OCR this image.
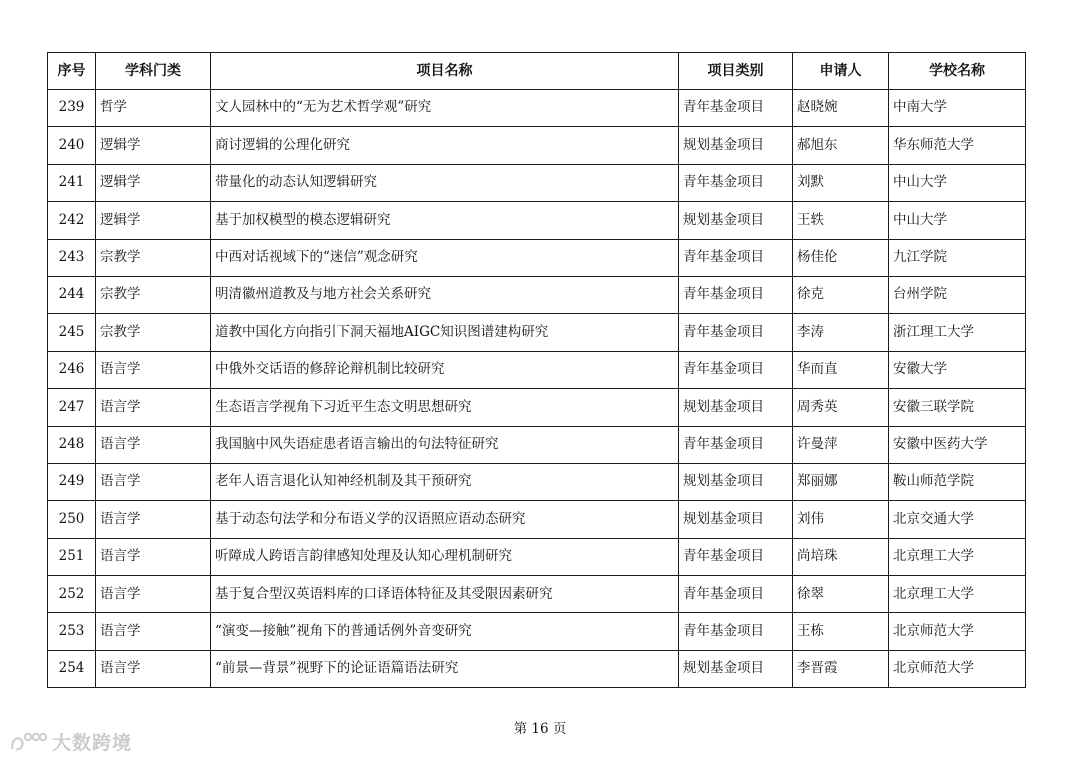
序号	学科门类	项目名称	项目类别	申请人	学校名称
239	哲学	文人园林中的“无为艺术哲学观”研究	青年基金项目	赵晓婉	中南大学
240	逻辑学	商讨逻辑的公理化研究	规划基金项目	郝旭东	华东师范大学
241	逻辑学	带量化的动态认知逻辑研究	青年基金项目	刘默	中山大学
242	逻辑学	基于加权模型的模态逻辑研究	规划基金项目	王轶	中山大学
243	宗教学	中西对话视域下的“迷信”观念研究	青年基金项目	杨佳伦	九江学院
244	宗教学	明清徽州道教及与地方社会关系研究	青年基金项目	徐克	台州学院
245	宗教学	道教中国化方向指引下洞天福地AIGC知识图谱建构研究	青年基金项目	李涛	浙江理工大学
246	语言学	中俄外交话语的修辞论辩机制比较研究	青年基金项目	华而直	安徽大学
247	语言学	生态语言学视角下习近平生态文明思想研究	规划基金项目	周秀英	安徽三联学院
248	语言学	我国脑中风失语症患者语言输出的句法特征研究	青年基金项目	许曼萍	安徽中医药大学
249	语言学	老年人语言退化认知神经机制及其干预研究	规划基金项目	郑丽娜	鞍山师范学院
250	语言学	基于动态句法学和分布语义学的汉语照应语动态研究	规划基金项目	刘伟	北京交通大学
251	语言学	听障成人跨语言韵律感知处理及认知心理机制研究	青年基金项目	尚培珠	北京理工大学
252	语言学	基于复合型汉英语料库的口译语体特征及其受限因素研究	青年基金项目	徐翠	北京理工大学
253	语言学	“演变—接触”视角下的普通话例外音变研究	青年基金项目	王栋	北京师范大学
254	语言学	“前景—背景”视野下的论证语篇语法研究	规划基金项目	李晋霞	北京师范大学
第 16 页
大数跨境
